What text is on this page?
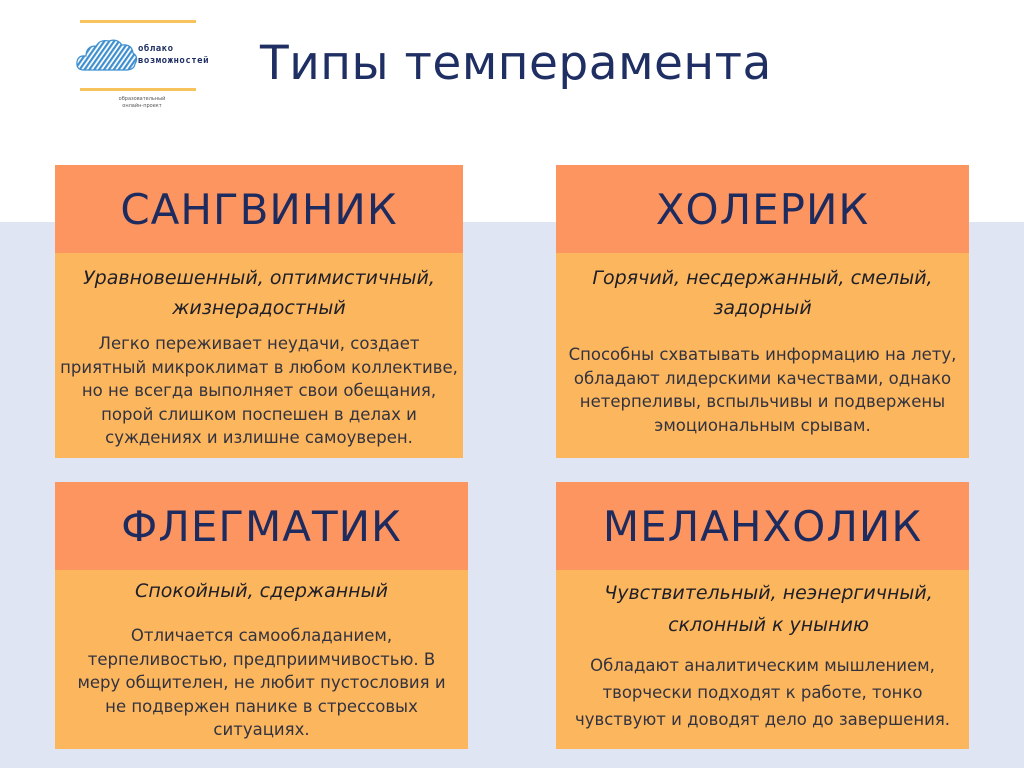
облако
возможностей
образовательный онлайн-проект
Типы темперамента
САНГВИНИК
Уравновешенный, оптимистичный, жизнерадостный
Легко переживает неудачи, создает приятный микроклимат в любом коллективе, но не всегда выполняет свои обещания, порой слишком поспешен в делах и суждениях и излишне самоуверен.
ХОЛЕРИК
Горячий, несдержанный, смелый, задорный
Способны схватывать информацию на лету, обладают лидерскими качествами, однако нетерпеливы, вспыльчивы и подвержены эмоциональным срывам.
ФЛЕГМАТИК
Спокойный, сдержанный
Отличается самообладанием, терпеливостью, предприимчивостью. В меру общителен, не любит пустословия и не подвержен панике в стрессовых ситуациях.
МЕЛАНХОЛИК
Чувствительный, неэнергичный, склонный к унынию
Обладают аналитическим мышлением, творчески подходят к работе, тонко чувствуют и доводят дело до завершения.
